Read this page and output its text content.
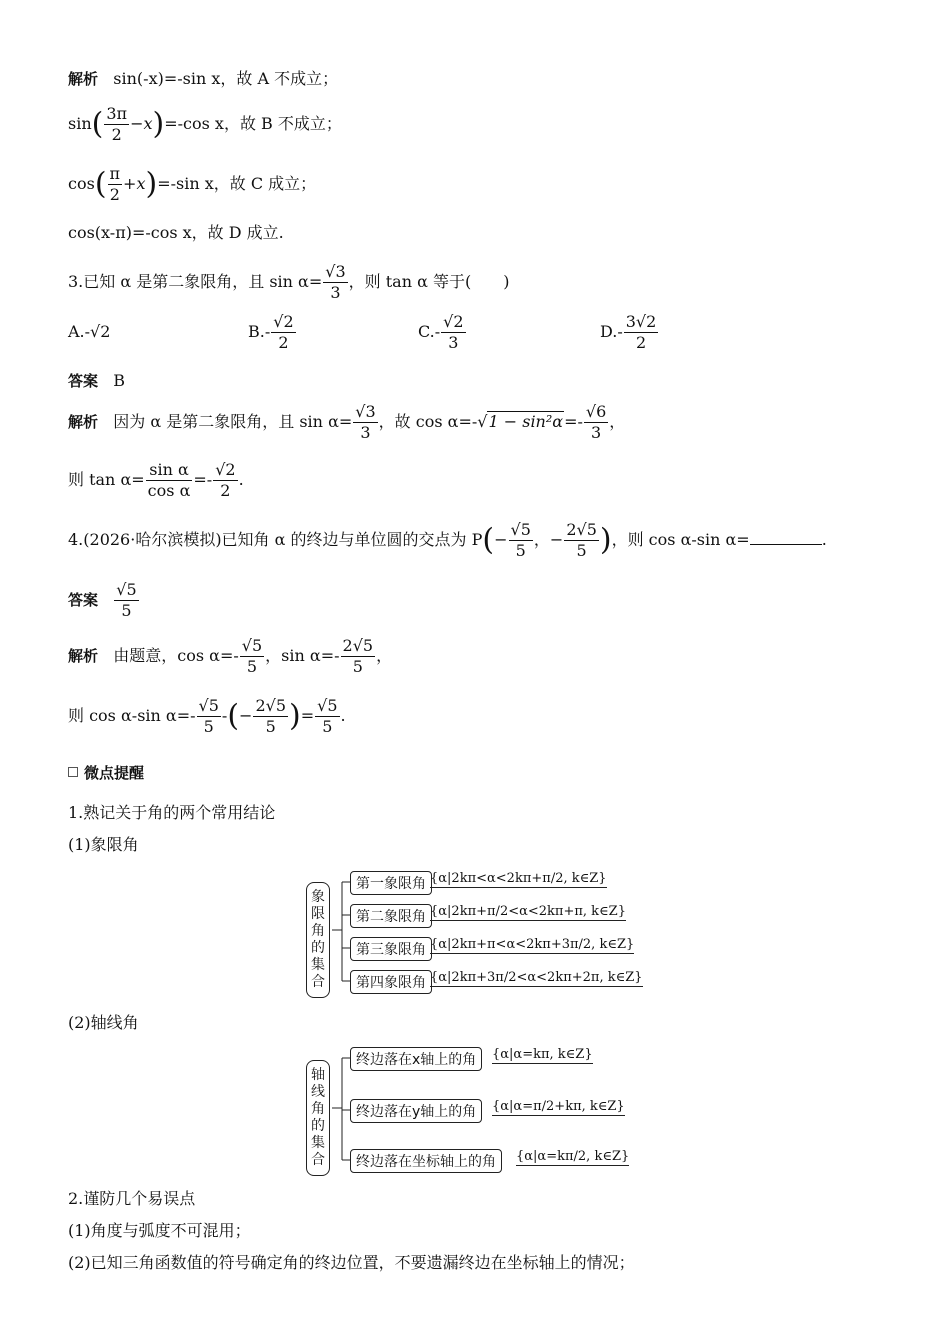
解析 sin(-x)=-sin x，故 A 不成立；
$\sin( \frac{3\pi}{2} -x)=-\cos$ x，故 B 不成立；
$\cos( \frac{\pi}{2} +x)=-\sin$ x，故 C 成立；
cos(x-π)=-cos x，故 D 成立.
3.已知 α 是第二象限角，且 $\sin \alpha= \frac{√3}{3}$ ，则 tan α 等于(　　)
A.-√2	$B.- \frac{√2}{2}$	$C.- \frac{√2}{3}$	$D.- \frac{3√2}{2}$
答案 B
解析 因为 α 是第二象限角，且 $\sin \alpha= \frac{√3}{3}$ ，故 $\cos \alpha=-√1 - \sin^2\alpha=- \frac{√6}{3}$ ，
则 $\tan \alpha= \frac{\text{sin α}}{\text{cos α}} =- \frac{√2}{2}$ .
4.(2026·哈尔滨模拟)已知角 α 的终边与单位圆的交点为 $P(- \frac{√5}{5}$ ，− $\frac{2√5}{5}$ )，则 cos α-sin α=	.
答案 $\frac{√5}{5}$
解析 由题意，$\cos \alpha=- \frac{√5}{5}$ ，$\sin \alpha=- \frac{2√5}{5}$ ，
则 cos α-sin $\alpha=- \frac{√5}{5}$ -(− $\frac{2√5}{5}$ )= $\frac{√5}{5}$ .
微点提醒
1.熟记关于角的两个常用结论
(1)象限角
(2)轴线角
2.谨防几个易误点
(1)角度与弧度不可混用；
(2)已知三角函数值的符号确定角的终边位置，不要遗漏终边在坐标轴上的情况；
象
限
角
的
集
合
第一象限角
第二象限角
第三象限角
第四象限角
{α|2kπ<α<2kπ+π/2, k∈Z}
{α|2kπ+π/2<α<2kπ+π, k∈Z}
{α|2kπ+π<α<2kπ+3π/2, k∈Z}
{α|2kπ+3π/2<α<2kπ+2π, k∈Z}
轴
线
角
的
集
合
终边落在x轴上的角
终边落在y轴上的角
终边落在坐标轴上的角
{α|α=kπ, k∈Z}
{α|α=π/2+kπ, k∈Z}
{α|α=kπ/2, k∈Z}
